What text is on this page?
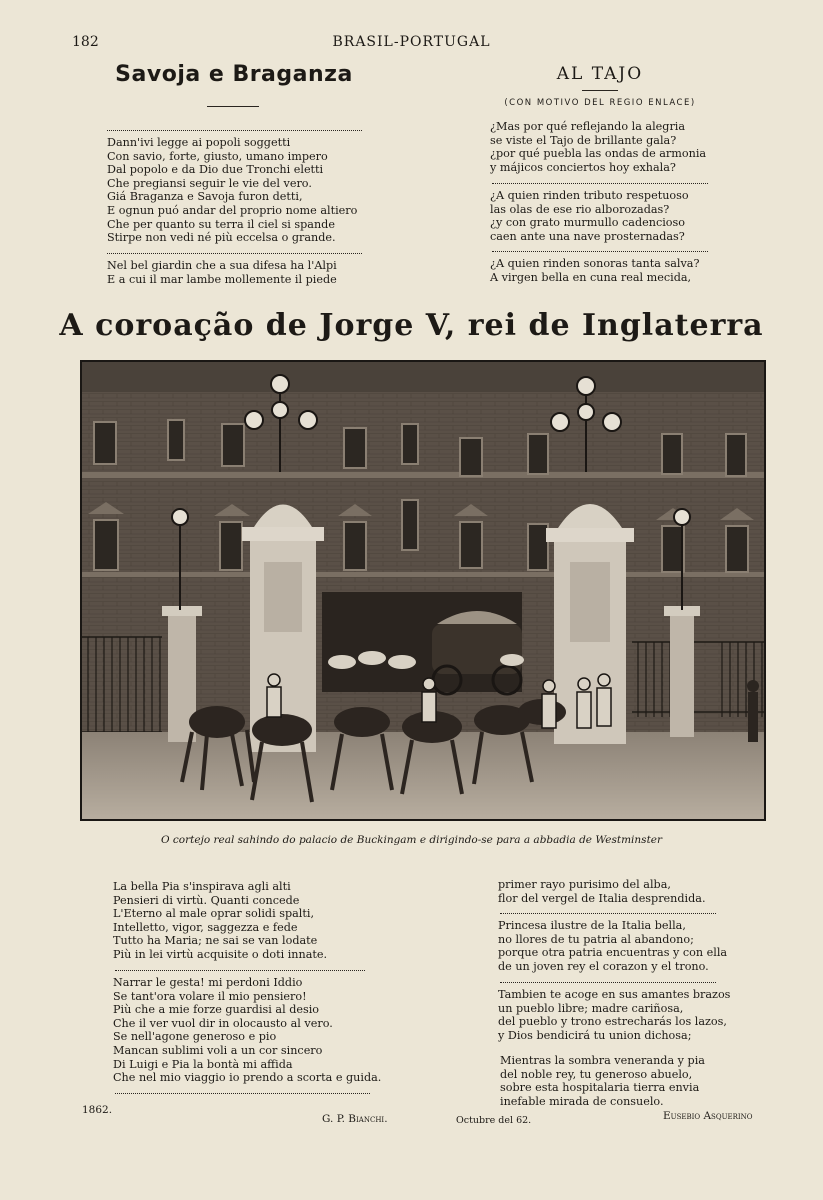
182	BRASIL-PORTUGAL
Savoja e Braganza
Dann'ivi legge ai popoli soggetti
Con savio, forte, giusto, umano impero
Dal popolo e da Dio due Tronchi eletti
Che pregiansi seguir le vie del vero.
Giá Braganza e Savoja furon detti,
E ognun puó andar del proprio nome altiero
Che per quanto su terra il ciel si spande
Stirpe non vedi né più eccelsa o grande.
Nel bel giardin che a sua difesa ha l'Alpi
E a cui il mar lambe mollemente il piede
AL TAJO
(CON MOTIVO DEL REGIO ENLACE)
¿Mas por qué reflejando la alegria
se viste el Tajo de brillante gala?
¿por qué puebla las ondas de armonia
y májicos conciertos hoy exhala?
¿A quien rinden tributo respetuoso
las olas de ese rio alborozadas?
¿y con grato murmullo cadencioso
caen ante una nave prosternadas?
¿A quien rinden sonoras tanta salva?
A virgen bella en cuna real mecida,
A coroação de Jorge V, rei de Inglaterra
O cortejo real sahindo do palacio de Buckingam e dirigindo-se para a abbadia de Westminster
La bella Pia s'inspirava agli alti
Pensieri di virtù. Quanti concede
L'Eterno al male oprar solidi spalti,
Intelletto, vigor, saggezza e fede
Tutto ha Maria; ne sai se van lodate
Più in lei virtù acquisite o doti innate.
Narrar le gesta! mi perdoni Iddio
Se tant'ora volare il mio pensiero!
Più che a mie forze guardisi al desio
Che il ver vuol dir in olocausto al vero.
Se nell'agone generoso e pio
Mancan sublimi voli a un cor sincero
Di Luigi e Pia la bontà mi affida
Che nel mio viaggio io prendo a scorta e guida.
1862.
G. P. Bianchi.
primer rayo purisimo del alba,
flor del vergel de Italia desprendida.
Princesa ilustre de la Italia bella,
no llores de tu patria al abandono;
porque otra patria encuentras y con ella
de un joven rey el corazon y el trono.
Tambien te acoge en sus amantes brazos
un pueblo libre; madre cariñosa,
del pueblo y trono estrecharás los lazos,
y Dios bendicirá tu union dichosa;
Mientras la sombra veneranda y pia
del noble rey, tu generoso abuelo,
sobre esta hospitalaria tierra envia
inefable mirada de consuelo.
Octubre del 62.	Eusebio Asquerino
